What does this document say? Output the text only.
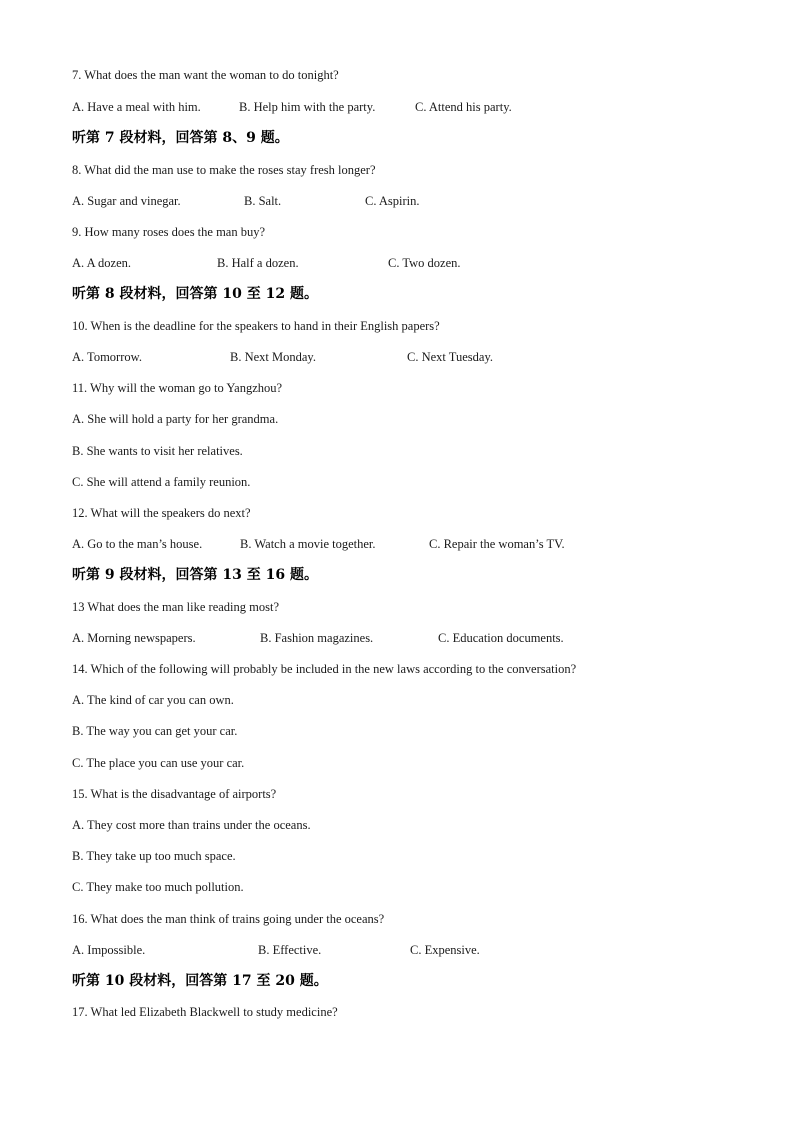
7. What does the man want the woman to do tonight?
A. Have a meal with him.	B. Help him with the party.	C. Attend his party.
听第 7 段材料，回答第 8、9 题。
8. What did the man use to make the roses stay fresh longer?
A. Sugar and vinegar.	B. Salt.	C. Aspirin.
9. How many roses does the man buy?
A. A dozen.	B. Half a dozen.	C. Two dozen.
听第 8 段材料，回答第 10 至 12 题。
10. When is the deadline for the speakers to hand in their English papers?
A. Tomorrow.	B. Next Monday.	C. Next Tuesday.
11. Why will the woman go to Yangzhou?
A. She will hold a party for her grandma.
B. She wants to visit her relatives.
C. She will attend a family reunion.
12. What will the speakers do next?
A. Go to the man’s house.	B. Watch a movie together.	C. Repair the woman’s TV.
听第 9 段材料，回答第 13 至 16 题。
13 What does the man like reading most?
A. Morning newspapers.	B. Fashion magazines.	C. Education documents.
14. Which of the following will probably be included in the new laws according to the conversation?
A. The kind of car you can own.
B. The way you can get your car.
C. The place you can use your car.
15. What is the disadvantage of airports?
A. They cost more than trains under the oceans.
B. They take up too much space.
C. They make too much pollution.
16. What does the man think of trains going under the oceans?
A. Impossible.	B. Effective.	C. Expensive.
听第 10 段材料，回答第 17 至 20 题。
17. What led Elizabeth Blackwell to study medicine?
